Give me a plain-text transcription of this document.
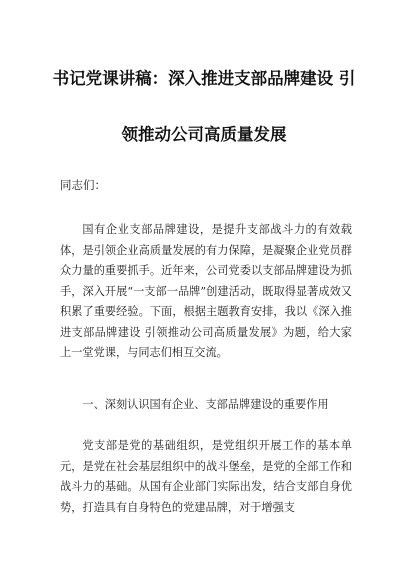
书记党课讲稿：深入推进支部品牌建设 引
领推动公司高质量发展
同志们：

国有企业支部品牌建设，是提升支部战斗力的有效载体，是引领企业高质量发展的有力保障，是凝聚企业党员群众力量的重要抓手。近年来，公司党委以支部品牌建设为抓手，深入开展“一支部一品牌”创建活动，既取得显著成效又积累了重要经验。下面，根据主题教育安排，我以《深入推进支部品牌建设 引领推动公司高质量发展》为题，给大家上一堂党课，与同志们相互交流。

一、深刻认识国有企业、支部品牌建设的重要作用

党支部是党的基础组织，是党组织开展工作的基本单元，是党在社会基层组织中的战斗堡垒，是党的全部工作和战斗力的基础。从国有企业部门实际出发，结合支部自身优势，打造具有自身特色的党建品牌，对于增强支
